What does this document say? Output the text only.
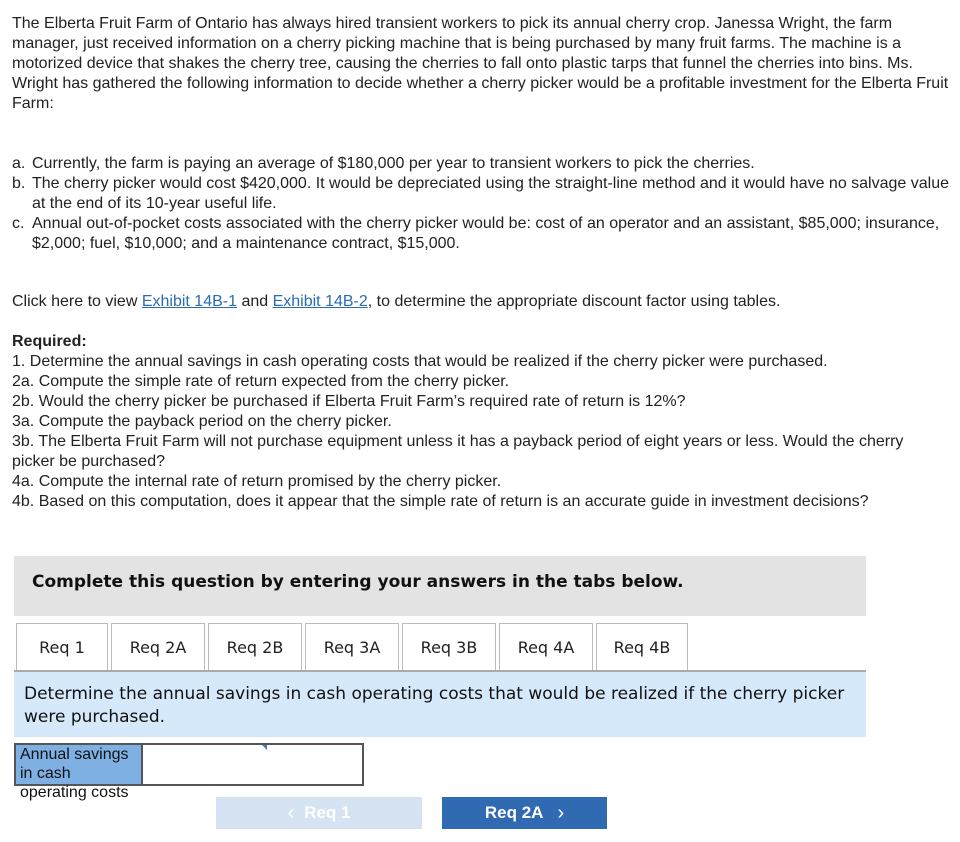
The Elberta Fruit Farm of Ontario has always hired transient workers to pick its annual cherry crop. Janessa Wright, the farm manager, just received information on a cherry picking machine that is being purchased by many fruit farms. The machine is a motorized device that shakes the cherry tree, causing the cherries to fall onto plastic tarps that funnel the cherries into bins. Ms. Wright has gathered the following information to decide whether a cherry picker would be a profitable investment for the Elberta Fruit Farm:

a. Currently, the farm is paying an average of $180,000 per year to transient workers to pick the cherries.
b. The cherry picker would cost $420,000. It would be depreciated using the straight-line method and it would have no salvage value at the end of its 10-year useful life.
c. Annual out-of-pocket costs associated with the cherry picker would be: cost of an operator and an assistant, $85,000; insurance, $2,000; fuel, $10,000; and a maintenance contract, $15,000.

Click here to view Exhibit 14B-1 and Exhibit 14B-2, to determine the appropriate discount factor using tables.

Required:

1. Determine the annual savings in cash operating costs that would be realized if the cherry picker were purchased.

2a. Compute the simple rate of return expected from the cherry picker.

2b. Would the cherry picker be purchased if Elberta Fruit Farm’s required rate of return is 12%?

3a. Compute the payback period on the cherry picker.

3b. The Elberta Fruit Farm will not purchase equipment unless it has a payback period of eight years or less. Would the cherry picker be purchased?

4a. Compute the internal rate of return promised by the cherry picker.

4b. Based on this computation, does it appear that the simple rate of return is an accurate guide in investment decisions?

Complete this question by entering your answers in the tabs below.
Req 1	Req 2A	Req 2B	Req 3A	Req 3B	Req 4A	Req 4B
Determine the annual savings in cash operating costs that would be realized if the cherry picker were purchased.
Annual savings in cash operating costs
‹ Req 1	Req 2A ›
